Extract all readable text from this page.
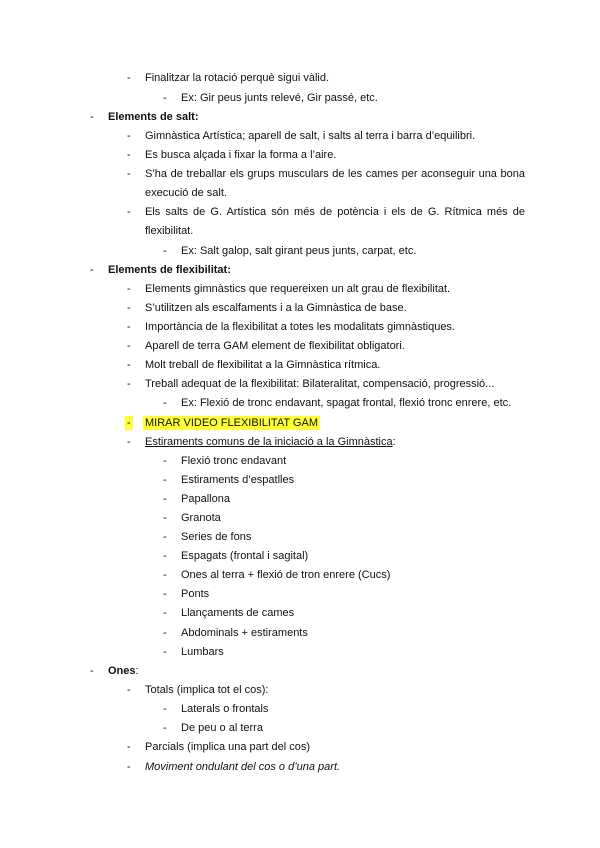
- Finalitzar la rotació perquè sigui vàlid.
- Ex: Gir peus junts relevé, Gir passé, etc.
- Elements de salt:
- Gimnàstica Artística; aparell de salt, i salts al terra i barra d’equilibri.
- Es busca alçada i fixar la forma a l’aire.
- S’ha de treballar els grups musculars de les cames per aconseguir una bona
execució de salt.
- Els salts de G. Artística són més de potència i els de G. Rítmica més de
flexibilitat.
- Ex: Salt galop, salt girant peus junts, carpat, etc.
- Elements de flexibilitat:
- Elements gimnàstics que requereixen un alt grau de flexibilitat.
- S’utilitzen als escalfaments i a la Gimnàstica de base.
- Importància de la flexibilitat a totes les modalitats gimnàstiques.
- Aparell de terra GAM element de flexibilitat obligatori.
- Molt treball de flexibilitat a la Gimnàstica rítmica.
- Treball adequat de la flexibilitat: Bilateralitat, compensació, progressió...
- Ex: Flexió de tronc endavant, spagat frontal, flexió tronc enrere, etc.
- MIRAR VIDEO FLEXIBILITAT GAM
- Estiraments comuns de la iniciació a la Gimnàstica:
- Flexió tronc endavant
- Estiraments d’espatlles
- Papallona
- Granota
- Series de fons
- Espagats (frontal i sagital)
- Ones al terra + flexió de tron enrere (Cucs)
- Ponts
- Llançaments de cames
- Abdominals + estiraments
- Lumbars
- Ones:
- Totals (implica tot el cos):
- Laterals o frontals
- De peu o al terra
- Parcials (implica una part del cos)
- Moviment ondulant del cos o d’una part.
